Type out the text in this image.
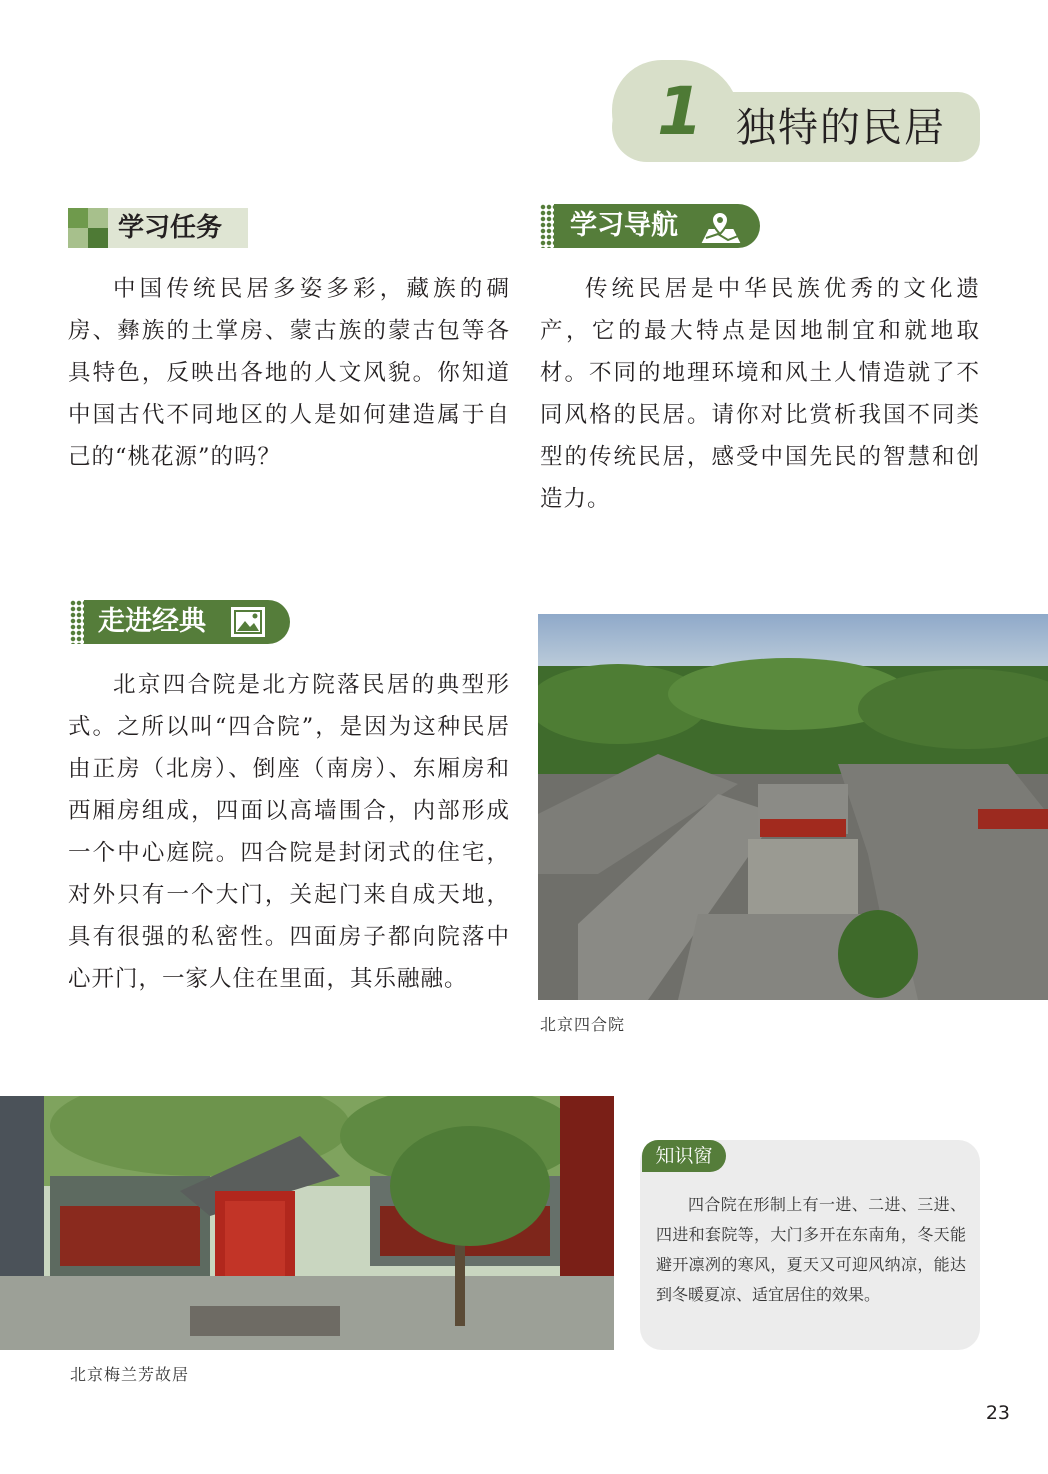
1 独特的民居
学习任务

中国传统民居多姿多彩，藏族的碉房、彝族的土掌房、蒙古族的蒙古包等各具特色，反映出各地的人文风貌。你知道中国古代不同地区的人是如何建造属于自己的“桃花源”的吗？

学习导航

传统民居是中华民族优秀的文化遗产，它的最大特点是因地制宜和就地取材。不同的地理环境和风土人情造就了不同风格的民居。请你对比赏析我国不同类型的传统民居，感受中国先民的智慧和创造力。

走进经典

北京四合院是北方院落民居的典型形式。之所以叫“四合院”，是因为这种民居由正房（北房）、倒座（南房）、东厢房和西厢房组成，四面以高墙围合，内部形成一个中心庭院。四合院是封闭式的住宅，对外只有一个大门，关起门来自成天地，具有很强的私密性。四面房子都向院落中心开门，一家人住在里面，其乐融融。

北京四合院
北京梅兰芳故居
知识窗

四合院在形制上有一进、二进、三进、四进和套院等，大门多开在东南角，冬天能避开凛冽的寒风，夏天又可迎风纳凉，能达到冬暖夏凉、适宜居住的效果。

23
